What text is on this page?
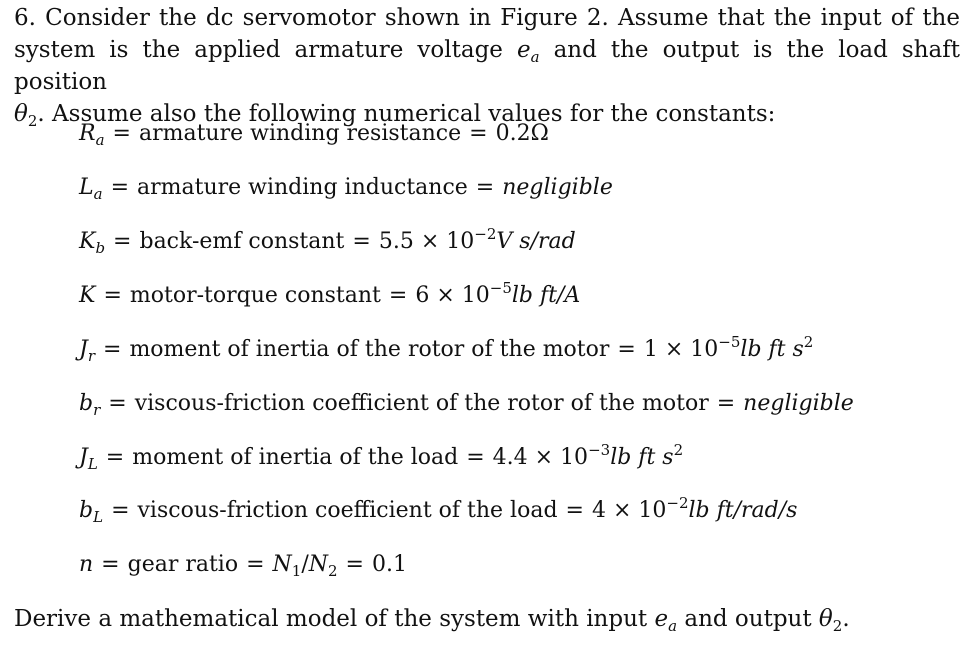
6. Consider the dc servomotor shown in Figure 2. Assume that the input of the
system is the applied armature voltage $e_a$ and the output is the load shaft position
$\theta_2$. Assume also the following numerical values for the constants:
$R_a$ = armature winding resistance = 0.2Ω
$L_a$ = armature winding inductance = negligible
$K_b$ = back-emf constant = $5.5 \times 10^{-2}V$ s/rad
K = motor-torque constant = $6 \times 10^{-5}lb$ ft/A
$J_r$ = moment of inertia of the rotor of the motor = $1 \times 10^{-5}lb$ ft $s^2$
$b_r$ = viscous-friction coefficient of the rotor of the motor = negligible
$J_L$ = moment of inertia of the load = $4.4 \times 10^{-3}lb$ ft $s^2$
$b_L$ = viscous-friction coefficient of the load = $4 \times 10^{-2}lb$ ft/rad/s
n = gear ratio = $N_1/N_2 = 0.1$
Derive a mathematical model of the system with input $e_a$ and output $\theta_2$.
